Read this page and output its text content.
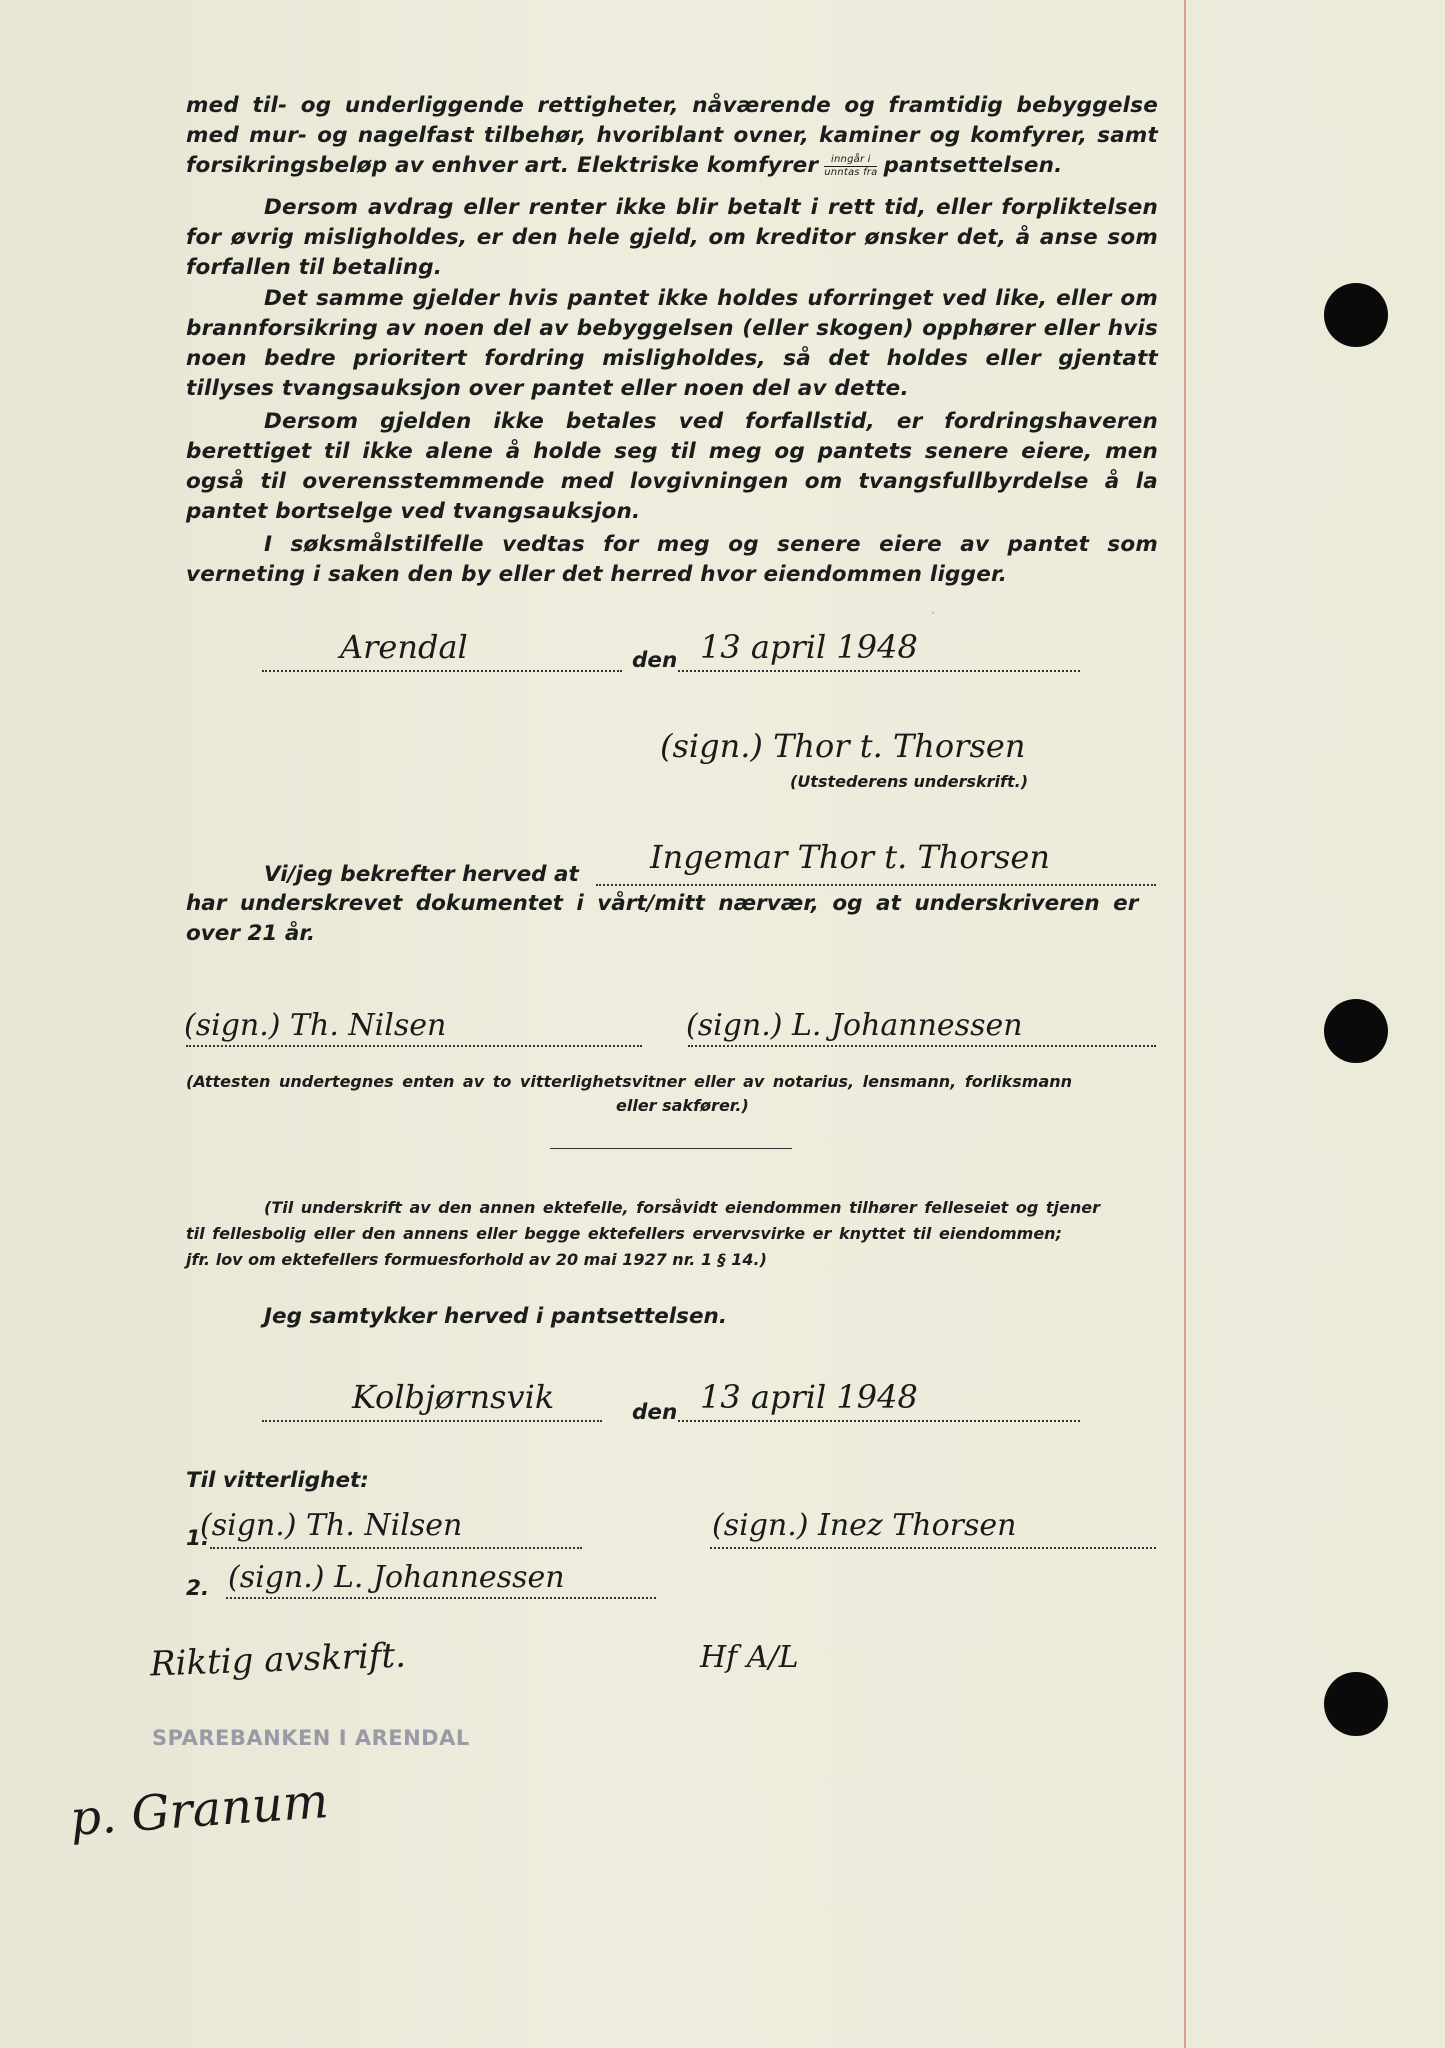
.

med til- og underliggende rettigheter, nåværende og framtidig bebyggelse med mur- og nagelfast tilbehør, hvoriblant ovner, kaminer og komfyrer, samt forsikringsbeløp av enhver art. Elektriske komfyrer $\frac{\text{inngår i}}{\text{unntas fra}}$ pantsettelsen.

Dersom avdrag eller renter ikke blir betalt i rett tid, eller forpliktelsen for øvrig misligholdes, er den hele gjeld, om kreditor ønsker det, å anse som forfallen til betaling.

Det samme gjelder hvis pantet ikke holdes uforringet ved like, eller om brannforsikring av noen del av bebyggelsen (eller skogen) opphører eller hvis noen bedre prioritert fordring misligholdes, så det holdes eller gjentatt tillyses tvangsauksjon over pantet eller noen del av dette.

Dersom gjelden ikke betales ved forfallstid, er fordringshaveren berettiget til ikke alene å holde seg til meg og pantets senere eiere, men også til overensstemmende med lovgivningen om tvangsfullbyrdelse å la pantet bortselge ved tvangsauksjon.

I søksmålstilfelle vedtas for meg og senere eiere av pantet som verneting i saken den by eller det herred hvor eiendommen ligger.

Arendal	den 13 april 1948
(sign.) Thor t. Thorsen
(Utstederens underskrift.)
Vi/jeg bekrefter herved at Ingemar Thor t. Thorsen
har underskrevet dokumentet i vårt/mitt nærvær, og at underskriveren er
over 21 år.
(sign.) Th. Nilsen	(sign.) L. Johannessen
(Attesten undertegnes enten av to vitterlighetsvitner eller av notarius, lensmann, forliksmann
eller sakfører.)
(Til underskrift av den annen ektefelle, forsåvidt eiendommen tilhører felleseiet og tjener
til fellesbolig eller den annens eller begge ektefellers ervervsvirke er knyttet til eiendommen;
jfr. lov om ektefellers formuesforhold av 20 mai 1927 nr. 1 § 14.)
Jeg samtykker herved i pantsettelsen.
Kolbjørnsvik	den 13 april 1948
Til vitterlighet:
1.
(sign.) Th. Nilsen
2. (sign.) L. Johannessen
(sign.) Inez Thorsen
Riktig avskrift.	Hf A/L
SPAREBANKEN I ARENDAL
p. Granum
